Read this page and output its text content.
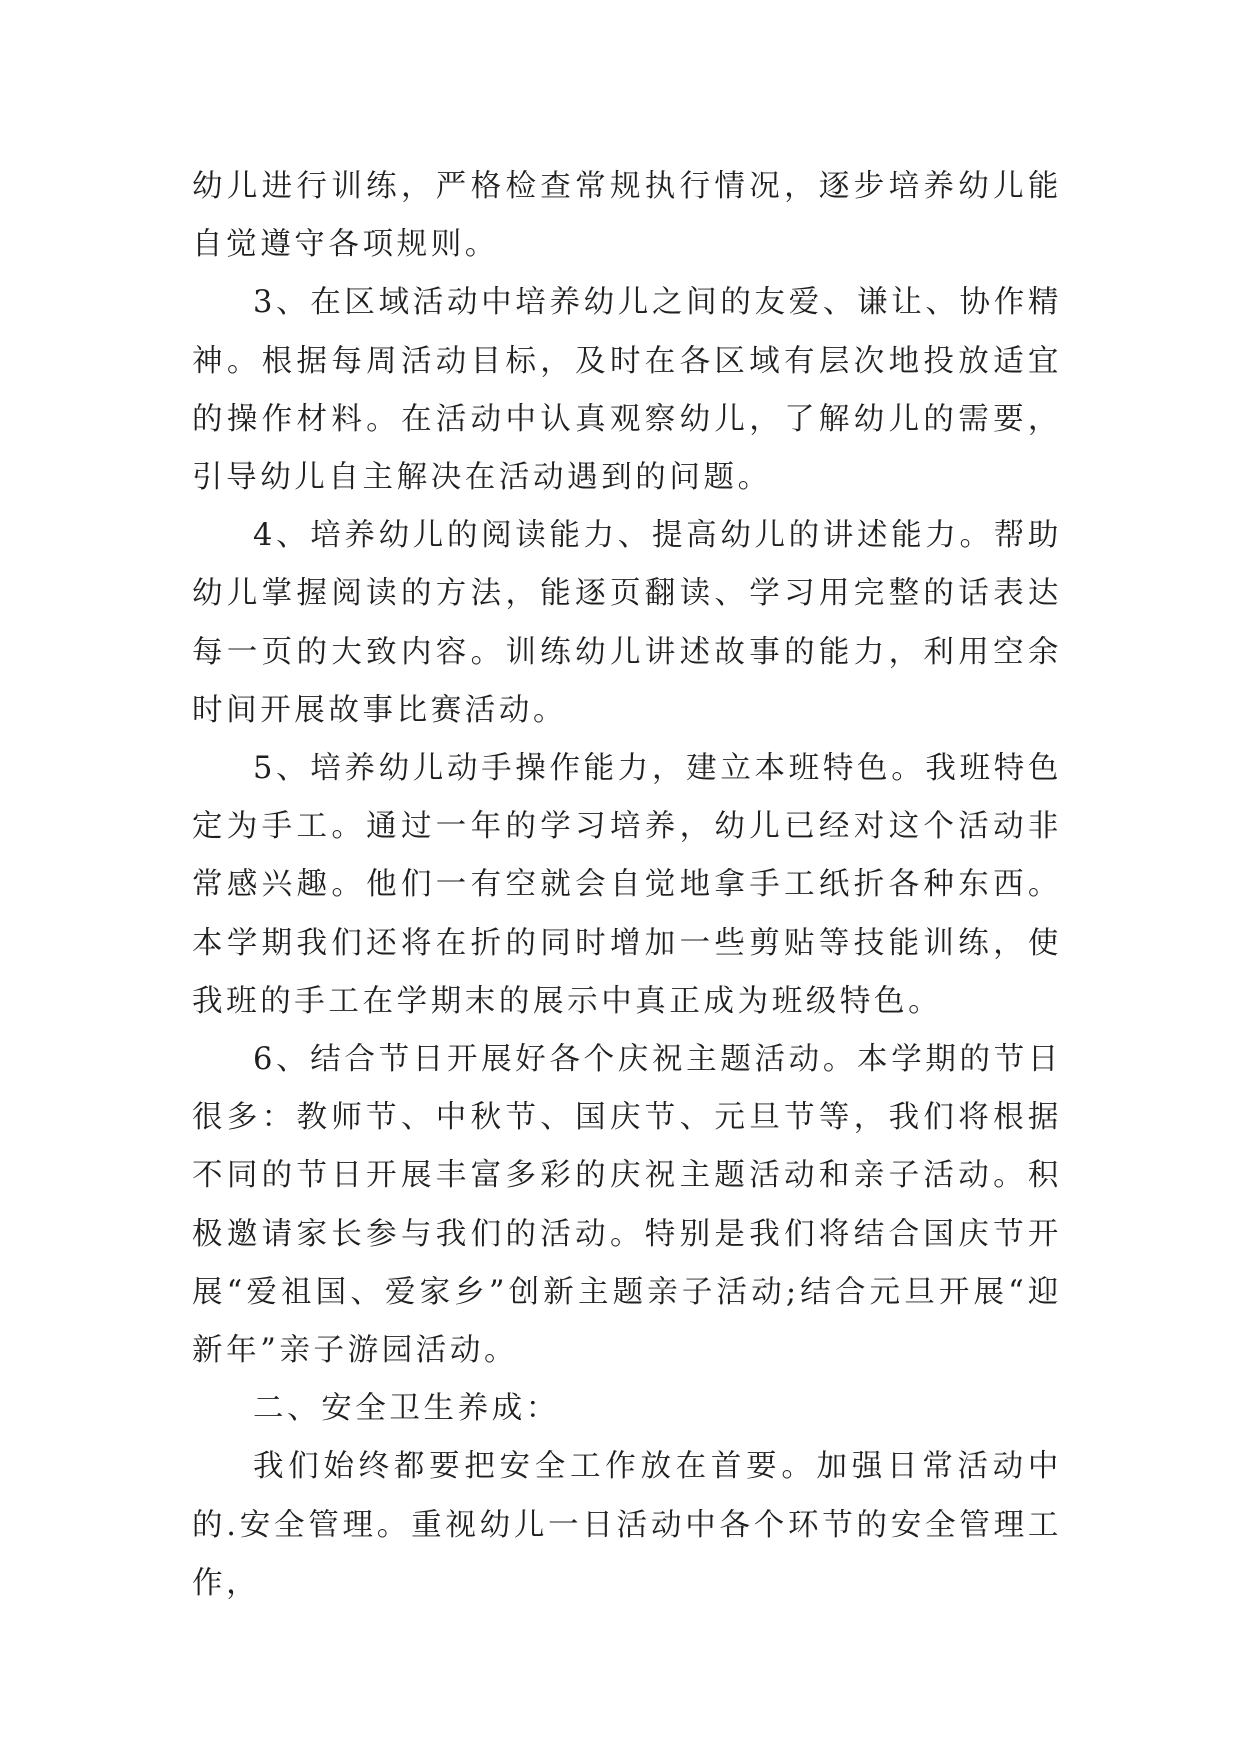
幼儿进行训练，严格检查常规执行情况，逐步培养幼儿能自觉遵守各项规则。

3、在区域活动中培养幼儿之间的友爱、谦让、协作精神。根据每周活动目标，及时在各区域有层次地投放适宜的操作材料。在活动中认真观察幼儿，了解幼儿的需要，引导幼儿自主解决在活动遇到的问题。

4、培养幼儿的阅读能力、提高幼儿的讲述能力。帮助幼儿掌握阅读的方法，能逐页翻读、学习用完整的话表达每一页的大致内容。训练幼儿讲述故事的能力，利用空余时间开展故事比赛活动。

5、培养幼儿动手操作能力，建立本班特色。我班特色定为手工。通过一年的学习培养，幼儿已经对这个活动非常感兴趣。他们一有空就会自觉地拿手工纸折各种东西。本学期我们还将在折的同时增加一些剪贴等技能训练，使我班的手工在学期末的展示中真正成为班级特色。

6、结合节日开展好各个庆祝主题活动。本学期的节日很多：教师节、中秋节、国庆节、元旦节等，我们将根据不同的节日开展丰富多彩的庆祝主题活动和亲子活动。积极邀请家长参与我们的活动。特别是我们将结合国庆节开展“爱祖国、爱家乡”创新主题亲子活动;结合元旦开展“迎新年”亲子游园活动。

二、安全卫生养成：

我们始终都要把安全工作放在首要。加强日常活动中的.安全管理。重视幼儿一日活动中各个环节的安全管理工作，
